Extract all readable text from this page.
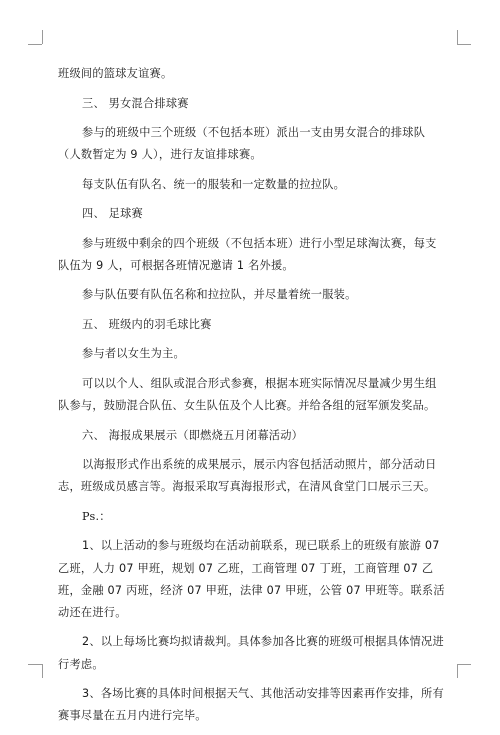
班级间的篮球友谊赛。

三、 男女混合排球赛

参与的班级中三个班级（不包括本班）派出一支由男女混合的排球队（人数暂定为 9 人），进行友谊排球赛。

每支队伍有队名、统一的服装和一定数量的拉拉队。

四、 足球赛

参与班级中剩余的四个班级（不包括本班）进行小型足球淘汰赛，每支队伍为 9 人，可根据各班情况邀请 1 名外援。

参与队伍要有队伍名称和拉拉队，并尽量着统一服装。

五、 班级内的羽毛球比赛

参与者以女生为主。

可以以个人、组队或混合形式参赛，根据本班实际情况尽量减少男生组队参与，鼓励混合队伍、女生队伍及个人比赛。并给各组的冠军颁发奖品。

六、 海报成果展示（即燃烧五月闭幕活动）

以海报形式作出系统的成果展示，展示内容包括活动照片，部分活动日志，班级成员感言等。海报采取写真海报形式，在清风食堂门口展示三天。

Ps.：

1、以上活动的参与班级均在活动前联系，现已联系上的班级有旅游 07 乙班，人力 07 甲班，规划 07 乙班，工商管理 07 丁班，工商管理 07 乙班，金融 07 丙班，经济 07 甲班，法律 07 甲班，公管 07 甲班等。联系活动还在进行。

2、以上每场比赛均拟请裁判。具体参加各比赛的班级可根据具体情况进行考虑。

3、各场比赛的具体时间根据天气、其他活动安排等因素再作安排，所有赛事尽量在五月内进行完毕。
